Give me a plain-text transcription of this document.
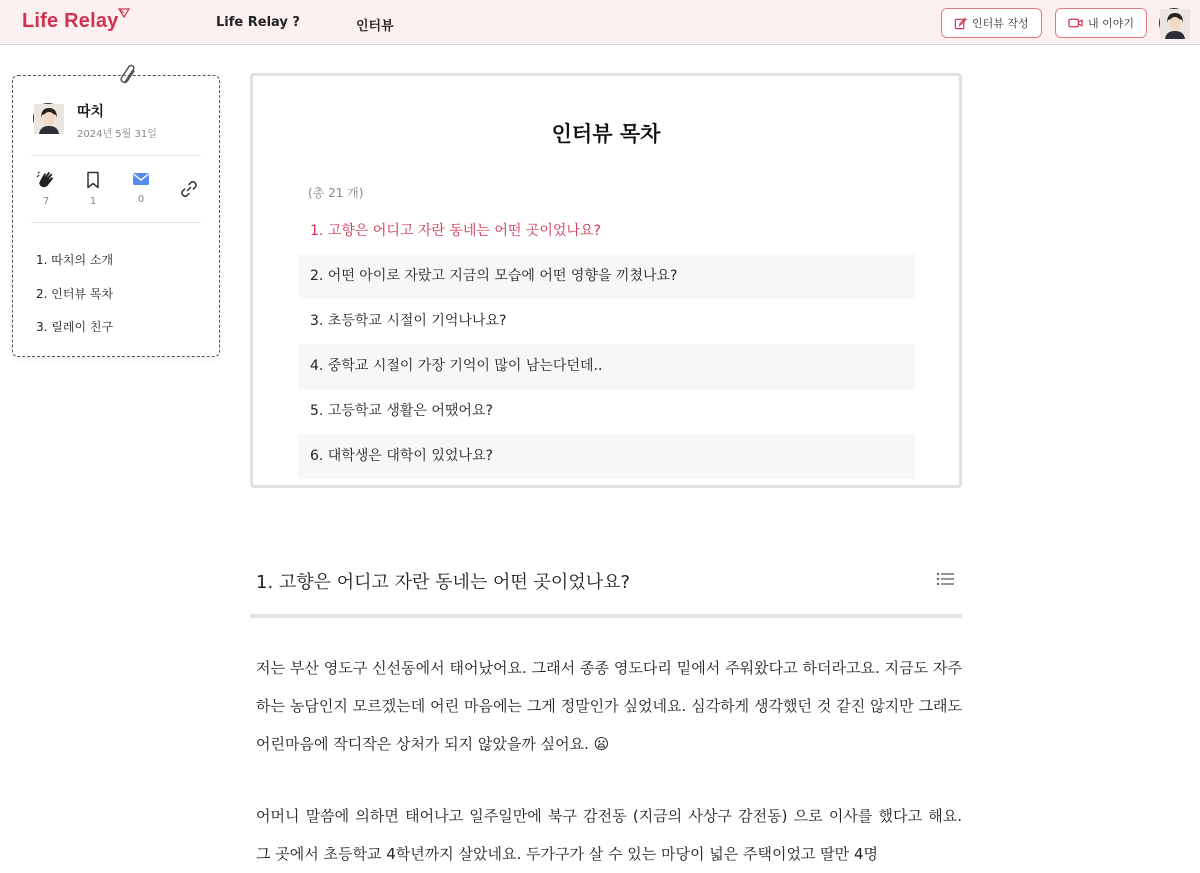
Life Relay	Life Relay ?	인터뷰	인터뷰 작성	내 이야기
따치
2024년 5월 31일
7	1	0
1. 따치의 소개
2. 인터뷰 목차
3. 릴레이 친구
인터뷰 목차
(총 21 개)
1. 고향은 어디고 자란 동네는 어떤 곳이었나요?
2. 어떤 아이로 자랐고 지금의 모습에 어떤 영향을 끼쳤나요?
3. 초등학교 시절이 기억나나요?
4. 중학교 시절이 가장 기억이 많이 남는다던데..
5. 고등학교 생활은 어땠어요?
6. 대학생은 대학이 있었나요?
1. 고향은 어디고 자란 동네는 어떤 곳이었나요?

저는 부산 영도구 신선동에서 태어났어요. 그래서 종종 영도다리 밑에서 주워왔다고 하더라고요. 지금도 자주 하는 농담인지 모르겠는데 어린 마음에는 그게 정말인가 싶었네요. 심각하게 생각했던 것 같진 않지만 그래도 어린마음에 작디작은 상처가 되지 않았을까 싶어요. 😦

어머니 말씀에 의하면 태어나고 일주일만에 북구 감전동 (지금의 사상구 감전동) 으로 이사를 했다고 해요. 그 곳에서 초등학교 4학년까지 살았네요. 두가구가 살 수 있는 마당이 넓은 주택이었고 딸만 4명
